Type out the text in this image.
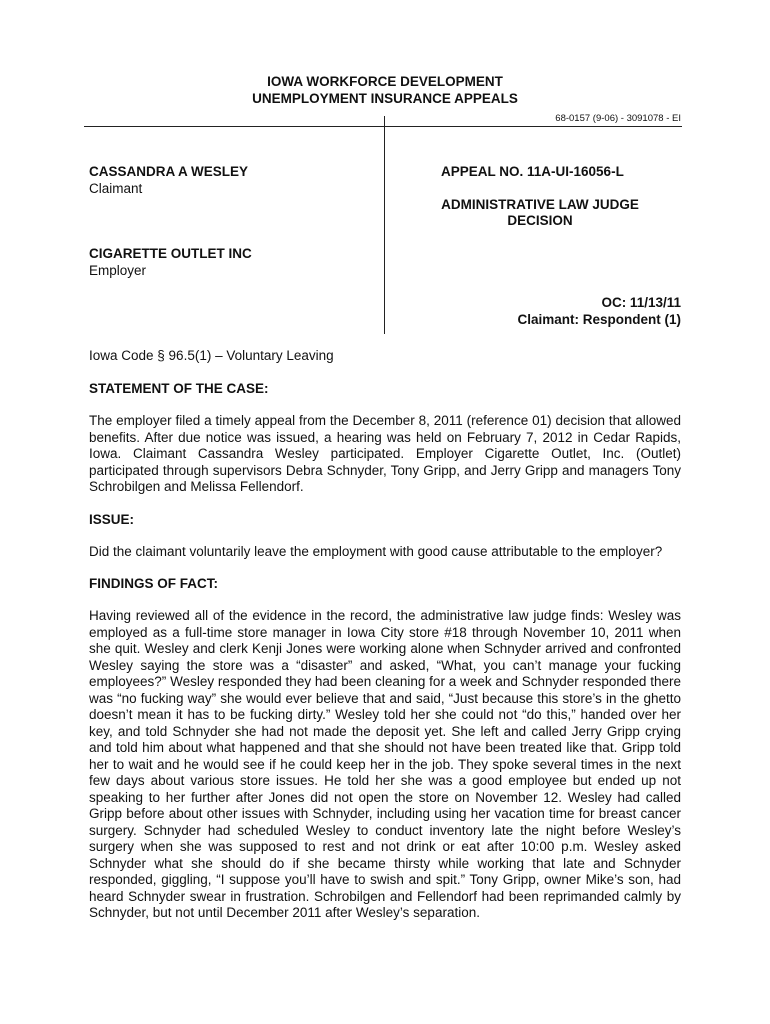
IOWA WORKFORCE DEVELOPMENT
UNEMPLOYMENT INSURANCE APPEALS
68-0157 (9-06) - 3091078 - EI
CASSANDRA A WESLEY
Claimant
CIGARETTE OUTLET INC
Employer
APPEAL NO. 11A-UI-16056-L
ADMINISTRATIVE LAW JUDGE
DECISION
OC: 11/13/11
Claimant: Respondent (1)
Iowa Code § 96.5(1) – Voluntary Leaving
STATEMENT OF THE CASE:

The employer filed a timely appeal from the December 8, 2011 (reference 01) decision that allowed benefits. After due notice was issued, a hearing was held on February 7, 2012 in Cedar Rapids, Iowa. Claimant Cassandra Wesley participated. Employer Cigarette Outlet, Inc. (Outlet) participated through supervisors Debra Schnyder, Tony Gripp, and Jerry Gripp and managers Tony Schrobilgen and Melissa Fellendorf.

ISSUE:

Did the claimant voluntarily leave the employment with good cause attributable to the employer?

FINDINGS OF FACT:

Having reviewed all of the evidence in the record, the administrative law judge finds: Wesley was employed as a full-time store manager in Iowa City store #18 through November 10, 2011 when she quit. Wesley and clerk Kenji Jones were working alone when Schnyder arrived and confronted Wesley saying the store was a “disaster” and asked, “What, you can’t manage your fucking employees?” Wesley responded they had been cleaning for a week and Schnyder responded there was “no fucking way” she would ever believe that and said, “Just because this store’s in the ghetto doesn’t mean it has to be fucking dirty.” Wesley told her she could not “do this,” handed over her key, and told Schnyder she had not made the deposit yet. She left and called Jerry Gripp crying and told him about what happened and that she should not have been treated like that. Gripp told her to wait and he would see if he could keep her in the job. They spoke several times in the next few days about various store issues. He told her she was a good employee but ended up not speaking to her further after Jones did not open the store on November 12. Wesley had called Gripp before about other issues with Schnyder, including using her vacation time for breast cancer surgery. Schnyder had scheduled Wesley to conduct inventory late the night before Wesley’s surgery when she was supposed to rest and not drink or eat after 10:00 p.m. Wesley asked Schnyder what she should do if she became thirsty while working that late and Schnyder responded, giggling, “I suppose you’ll have to swish and spit.” Tony Gripp, owner Mike’s son, had heard Schnyder swear in frustration. Schrobilgen and Fellendorf had been reprimanded calmly by Schnyder, but not until December 2011 after Wesley’s separation.
